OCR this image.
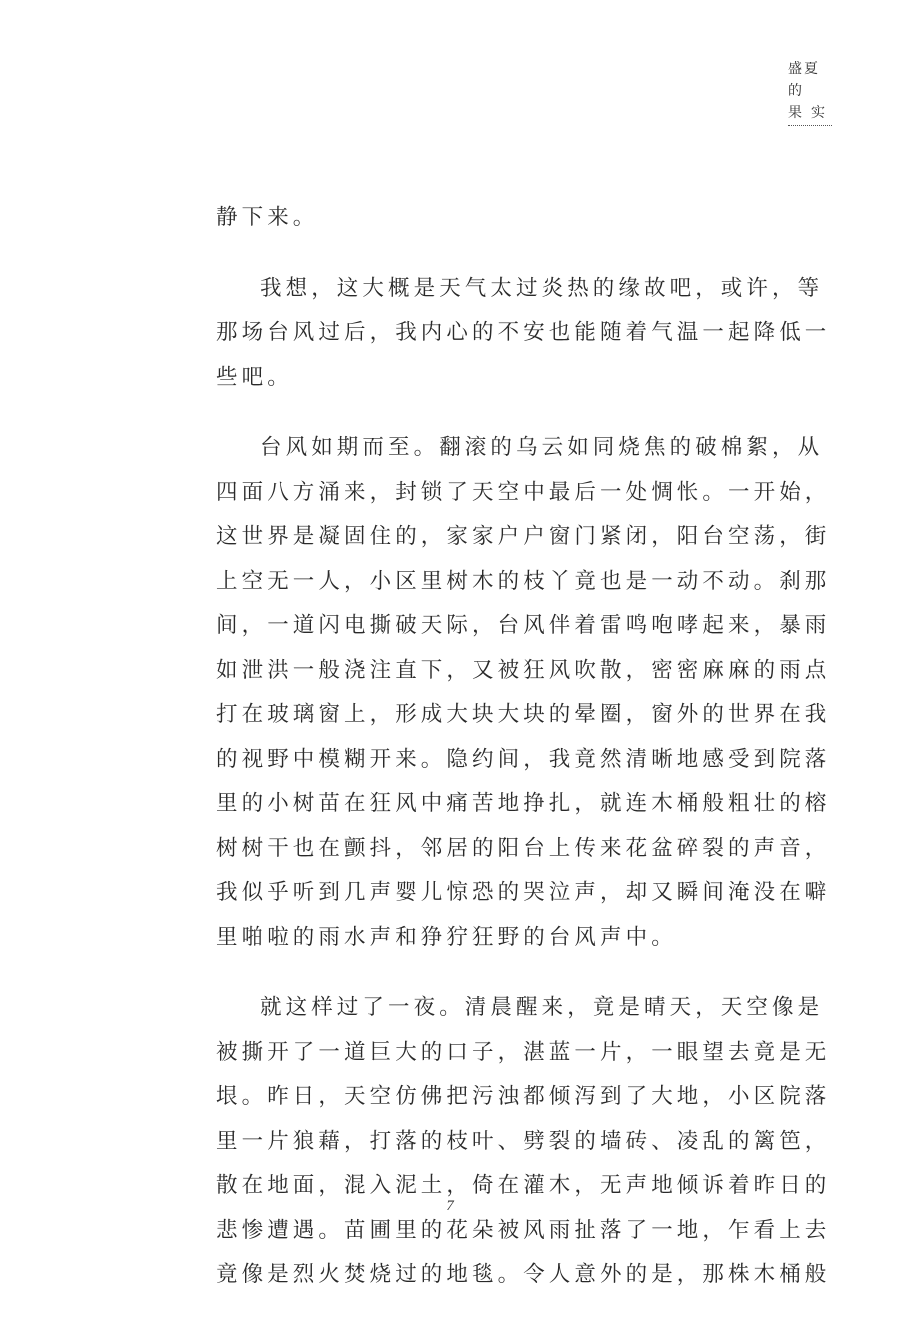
盛夏的
果实
静下来。
我想，这大概是天气太过炎热的缘故吧，或许，等
那场台风过后，我内心的不安也能随着气温一起降低一
些吧。
台风如期而至。翻滚的乌云如同烧焦的破棉絮，从
四面八方涌来，封锁了天空中最后一处惆怅。一开始，
这世界是凝固住的，家家户户窗门紧闭，阳台空荡，街
上空无一人，小区里树木的枝丫竟也是一动不动。刹那
间，一道闪电撕破天际，台风伴着雷鸣咆哮起来，暴雨
如泄洪一般浇注直下，又被狂风吹散，密密麻麻的雨点
打在玻璃窗上，形成大块大块的晕圈，窗外的世界在我
的视野中模糊开来。隐约间，我竟然清晰地感受到院落
里的小树苗在狂风中痛苦地挣扎，就连木桶般粗壮的榕
树树干也在颤抖，邻居的阳台上传来花盆碎裂的声音，
我似乎听到几声婴儿惊恐的哭泣声，却又瞬间淹没在噼
里啪啦的雨水声和狰狞狂野的台风声中。
就这样过了一夜。清晨醒来，竟是晴天，天空像是
被撕开了一道巨大的口子，湛蓝一片，一眼望去竟是无
垠。昨日，天空仿佛把污浊都倾泻到了大地，小区院落
里一片狼藉，打落的枝叶、劈裂的墙砖、凌乱的篱笆，
散在地面，混入泥土，倚在灌木，无声地倾诉着昨日的
悲惨遭遇。苗圃里的花朵被风雨扯落了一地，乍看上去
竟像是烈火焚烧过的地毯。令人意外的是，那株木桶般
7
